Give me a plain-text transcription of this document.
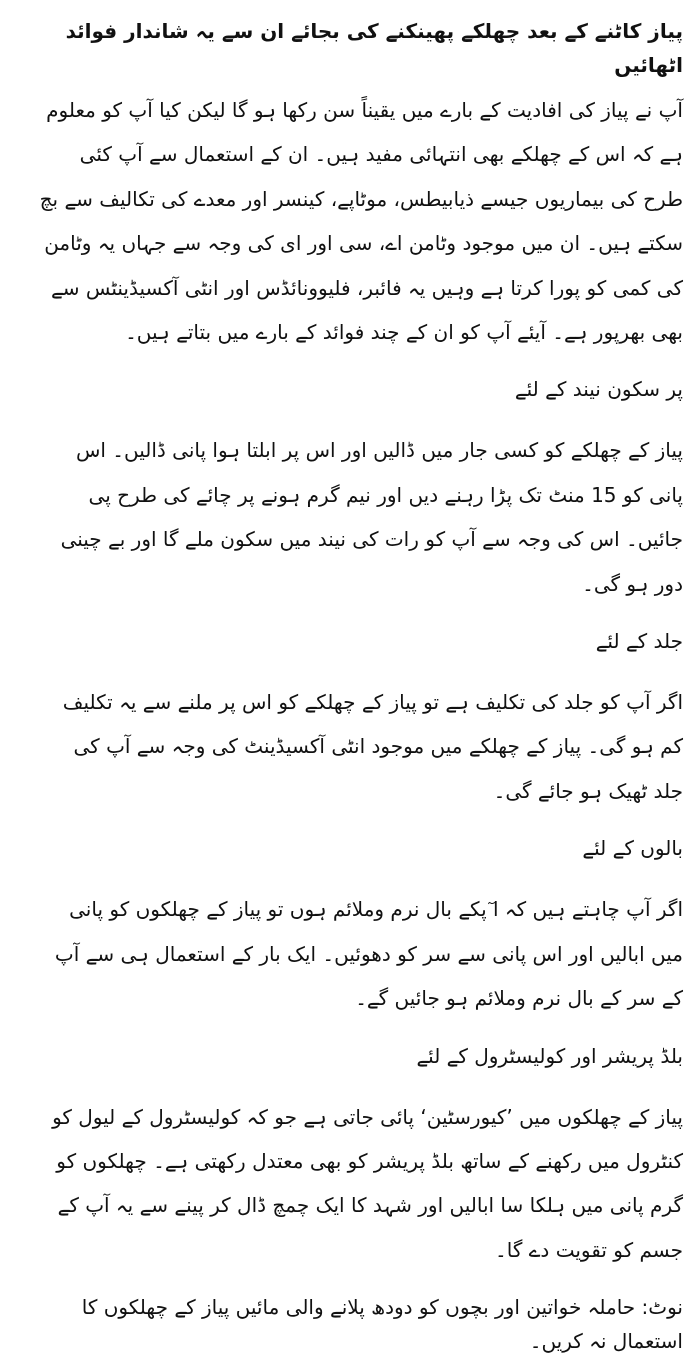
پیاز کاٹنے کے بعد چھلکے پھینکنے کی بجائے ان سے یہ شاندار فوائد اٹھائیں
آپ نے پیاز کی افادیت کے بارے میں یقیناً سن رکھا ہو گا لیکن کیا آپ کو معلوم ہے کہ اس کے چھلکے بھی انتہائی مفید ہیں۔ ان کے استعمال سے آپ کئی طرح کی بیماریوں جیسے ذیابیطس، موٹاپے، کینسر اور معدے کی تکالیف سے بچ سکتے ہیں۔ ان میں موجود وٹامن اے، سی اور ای کی وجہ سے جہاں یہ وٹامن کی کمی کو پورا کرتا ہے وہیں یہ فائبر، فلیوونائڈس اور انٹی آکسیڈینٹس سے بھی بھرپور ہے۔ آیئے آپ کو ان کے چند فوائد کے بارے میں بتاتے ہیں۔
پر سکون نیند کے لئے
پیاز کے چھلکے کو کسی جار میں ڈالیں اور اس پر ابلتا ہوا پانی ڈالیں۔ اس پانی کو 15 منٹ تک پڑا رہنے دیں اور نیم گرم ہونے پر چائے کی طرح پی جائیں۔ اس کی وجہ سے آپ کو رات کی نیند میں سکون ملے گا اور بے چینی دور ہو گی۔
جلد کے لئے
اگر آپ کو جلد کی تکلیف ہے تو پیاز کے چھلکے کو اس پر ملنے سے یہ تکلیف کم ہو گی۔ پیاز کے چھلکے میں موجود انٹی آکسیڈینٹ کی وجہ سے آپ کی جلد ٹھیک ہو جائے گی۔
بالوں کے لئے
اگر آپ چاہتے ہیں کہ ا ٓپکے بال نرم وملائم ہوں تو پیاز کے چھلکوں کو پانی میں ابالیں اور اس پانی سے سر کو دھوئیں۔ ایک بار کے استعمال ہی سے آپ کے سر کے بال نرم وملائم ہو جائیں گے۔
بلڈ پریشر اور کولیسٹرول کے لئے
پیاز کے چھلکوں میں ’کیورسٹین‘ پائی جاتی ہے جو کہ کولیسٹرول کے لیول کو کنٹرول میں رکھنے کے ساتھ بلڈ پریشر کو بھی معتدل رکھتی ہے۔ چھلکوں کو گرم پانی میں ہلکا سا ابالیں اور شہد کا ایک چمچ ڈال کر پینے سے یہ آپ کے جسم کو تقویت دے گا۔
نوٹ: حاملہ خواتین اور بچوں کو دودھ پلانے والی مائیں پیاز کے چھلکوں کا استعمال نہ کریں۔
